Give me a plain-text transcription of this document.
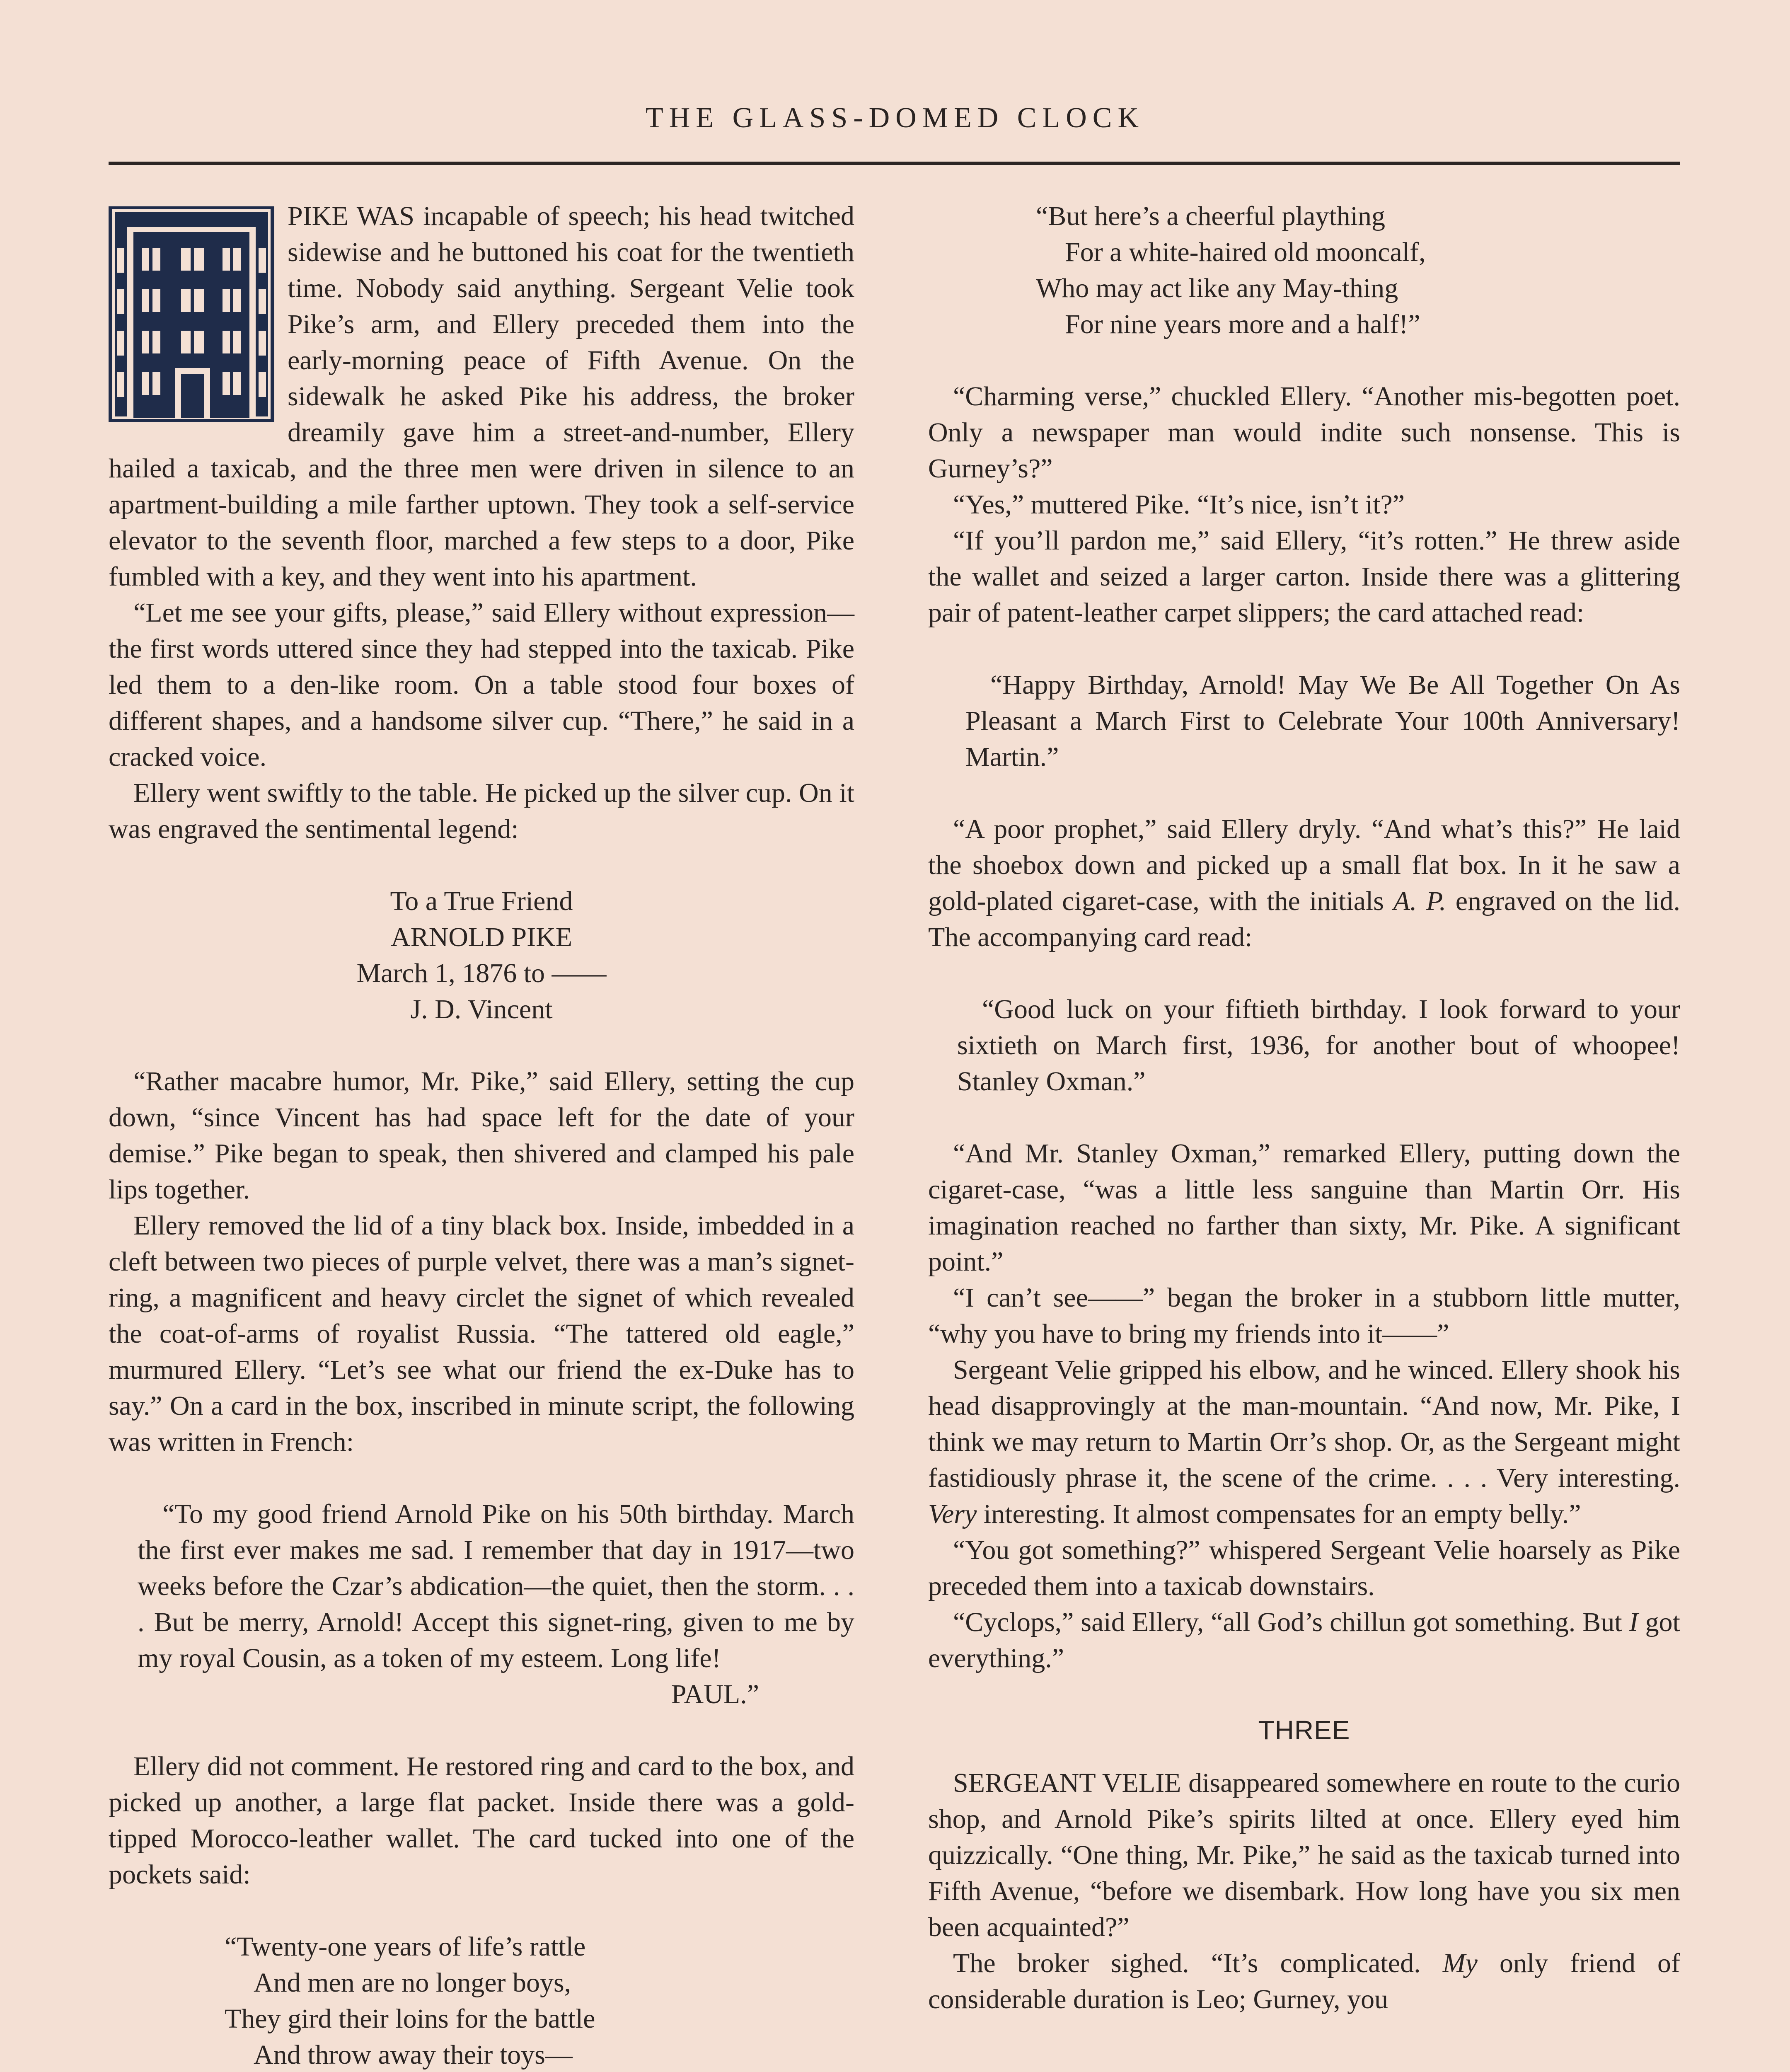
THE GLASS-DOMED CLOCK

PIKE WAS incapable of speech; his head twitched sidewise and he buttoned his coat for the twentieth time. Nobody said anything. Sergeant Velie took Pike’s arm, and Ellery preceded them into the early-morning peace of Fifth Avenue. On the sidewalk he asked Pike his address, the broker dreamily gave him a street-and-number, Ellery hailed a taxicab, and the three men were driven in silence to an apartment-building a mile farther uptown. They took a self-service elevator to the seventh floor, marched a few steps to a door, Pike fumbled with a key, and they went into his apartment.

“Let me see your gifts, please,” said Ellery without expression—the first words uttered since they had stepped into the taxicab. Pike led them to a den-like room. On a table stood four boxes of different shapes, and a handsome silver cup. “There,” he said in a cracked voice.

Ellery went swiftly to the table. He picked up the silver cup. On it was engraved the sentimental legend:

To a True Friend
ARNOLD PIKE
March 1, 1876 to ——
J. D. Vincent

“Rather macabre humor, Mr. Pike,” said Ellery, setting the cup down, “since Vincent has had space left for the date of your demise.” Pike began to speak, then shivered and clamped his pale lips together.

Ellery removed the lid of a tiny black box. Inside, imbedded in a cleft between two pieces of purple velvet, there was a man’s signet-ring, a magnificent and heavy circlet the signet of which revealed the coat-of-arms of royalist Russia. “The tattered old eagle,” murmured Ellery. “Let’s see what our friend the ex-Duke has to say.” On a card in the box, inscribed in minute script, the following was written in French:

“To my good friend Arnold Pike on his 50th birthday. March the first ever makes me sad. I remember that day in 1917—two weeks before the Czar’s abdication—the quiet, then the storm. . . . But be merry, Arnold! Accept this signet-ring, given to me by my royal Cousin, as a token of my esteem. Long life!

PAUL.”

Ellery did not comment. He restored ring and card to the box, and picked up another, a large flat packet. Inside there was a gold-tipped Morocco-leather wallet. The card tucked into one of the pockets said:

“Twenty-one years of life’s rattle
And men are no longer boys,
They gird their loins for the battle
And throw away their toys—
“But here’s a cheerful plaything
For a white-haired old mooncalf,
Who may act like any May-thing
For nine years more and a half!”

“Charming verse,” chuckled Ellery. “Another mis-begotten poet. Only a newspaper man would indite such nonsense. This is Gurney’s?”

“Yes,” muttered Pike. “It’s nice, isn’t it?”

“If you’ll pardon me,” said Ellery, “it’s rotten.” He threw aside the wallet and seized a larger carton. Inside there was a glittering pair of patent-leather carpet slippers; the card attached read:

“Happy Birthday, Arnold! May We Be All Together On As Pleasant a March First to Celebrate Your 100th Anniversary! Martin.”

“A poor prophet,” said Ellery dryly. “And what’s this?” He laid the shoebox down and picked up a small flat box. In it he saw a gold-plated cigaret-case, with the initials A. P. engraved on the lid. The accompanying card read:

“Good luck on your fiftieth birthday. I look forward to your sixtieth on March first, 1936, for another bout of whoopee! Stanley Oxman.”

“And Mr. Stanley Oxman,” remarked Ellery, putting down the cigaret-case, “was a little less sanguine than Martin Orr. His imagination reached no farther than sixty, Mr. Pike. A significant point.”

“I can’t see——” began the broker in a stubborn little mutter, “why you have to bring my friends into it——”

Sergeant Velie gripped his elbow, and he winced. Ellery shook his head disapprovingly at the man-mountain. “And now, Mr. Pike, I think we may return to Martin Orr’s shop. Or, as the Sergeant might fastidiously phrase it, the scene of the crime. . . . Very interesting. Very interesting. It almost compensates for an empty belly.”

“You got something?” whispered Sergeant Velie hoarsely as Pike preceded them into a taxicab downstairs.

“Cyclops,” said Ellery, “all God’s chillun got something. But I got everything.”

THREE

SERGEANT VELIE disappeared somewhere en route to the curio shop, and Arnold Pike’s spirits lilted at once. Ellery eyed him quizzically. “One thing, Mr. Pike,” he said as the taxicab turned into Fifth Avenue, “before we disembark. How long have you six men been acquainted?”

The broker sighed. “It’s complicated. My only friend of considerable duration is Leo; Gurney, you
